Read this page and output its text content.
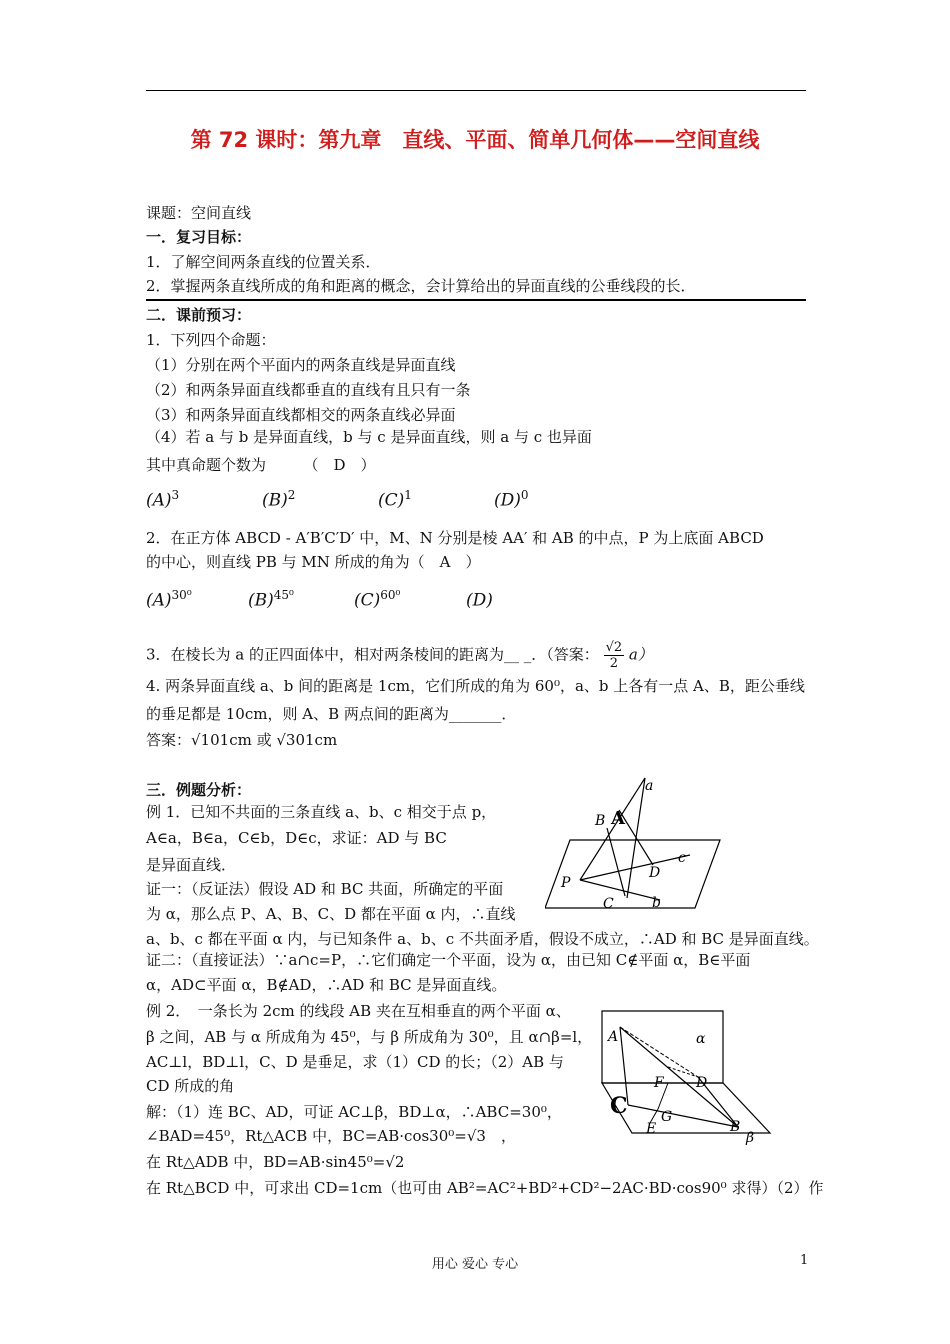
第 72 课时：第九章　直线、平面、简单几何体——空间直线
课题：空间直线
一．复习目标：
1．了解空间两条直线的位置关系．
2．掌握两条直线所成的角和距离的概念，会计算给出的异面直线的公垂线段的长．
二．课前预习：
1．下列四个命题：
（1）分别在两个平面内的两条直线是异面直线
（2）和两条异面直线都垂直的直线有且只有一条
（3）和两条异面直线都相交的两条直线必异面
（4）若 a 与 b 是异面直线，b 与 c 是异面直线，则 a 与 c 也异面
其中真命题个数为　　　（　D　）
$(A)^3$	$(B)^2$	$(C)^1$	$(D)^0$
2．在正方体 ABCD - A′B′C′D′ 中，M、N 分别是棱 AA′ 和 AB 的中点，P 为上底面 ABCD
的中心，则直线 PB 与 MN 所成的角为（　A　）
$(A)^{30^0}$	$(B)^{45^0}$	$(C)^{60^0}$	(D)
3．在棱长为 a 的正四面体中，相对两条棱间的距离为__ _．（答案： $\frac{√2}{2} a$）
4. 两条异面直线 a、b 间的距离是 1cm，它们所成的角为 60⁰，a、b 上各有一点 A、B，距公垂线
的垂足都是 10cm，则 A、B 两点间的距离为_______．
答案：√101cm 或 √301cm
三．例题分析：
例 1．已知不共面的三条直线 a、b、c 相交于点 p，
A∈a，B∈a，C∈b，D∈c，求证：AD 与 BC
是异面直线．
证一：（反证法）假设 AD 和 BC 共面，所确定的平面
为 α，那么点 P、A、B、C、D 都在平面 α 内，∴直线
a、b、c 都在平面 α 内，与已知条件 a、b、c 不共面矛盾，假设不成立，∴AD 和 BC 是异面直线。
证二：（直接证法）∵a∩c=P，∴它们确定一个平面，设为 α，由已知 C∉平面 α，B∈平面
α，AD⊂平面 α，B∉AD，∴AD 和 BC 是异面直线。
例 2．　一条长为 2cm 的线段 AB 夹在互相垂直的两个平面 α、
β 之间，AB 与 α 所成角为 45⁰，与 β 所成角为 30⁰，且 α∩β=l，
AC⊥l，BD⊥l，C、D 是垂足，求（1）CD 的长；（2）AB 与
CD 所成的角
解：（1）连 BC、AD，可证 AC⊥β，BD⊥α，∴ABC=30⁰，
∠BAD=45⁰，Rt△ACB 中，BC=AB·cos30⁰=√3　，
在 Rt△ADB 中，BD=AB·sin45⁰=√2
在 Rt△BCD 中，可求出 CD=1cm（也可由 AB²=AC²+BD²+CD²−2AC·BD·cos90⁰ 求得）（2）作
a
B A
D
c
P
C	b
A	α
F D
C G
E	B
β
用心 爱心 专心	1
